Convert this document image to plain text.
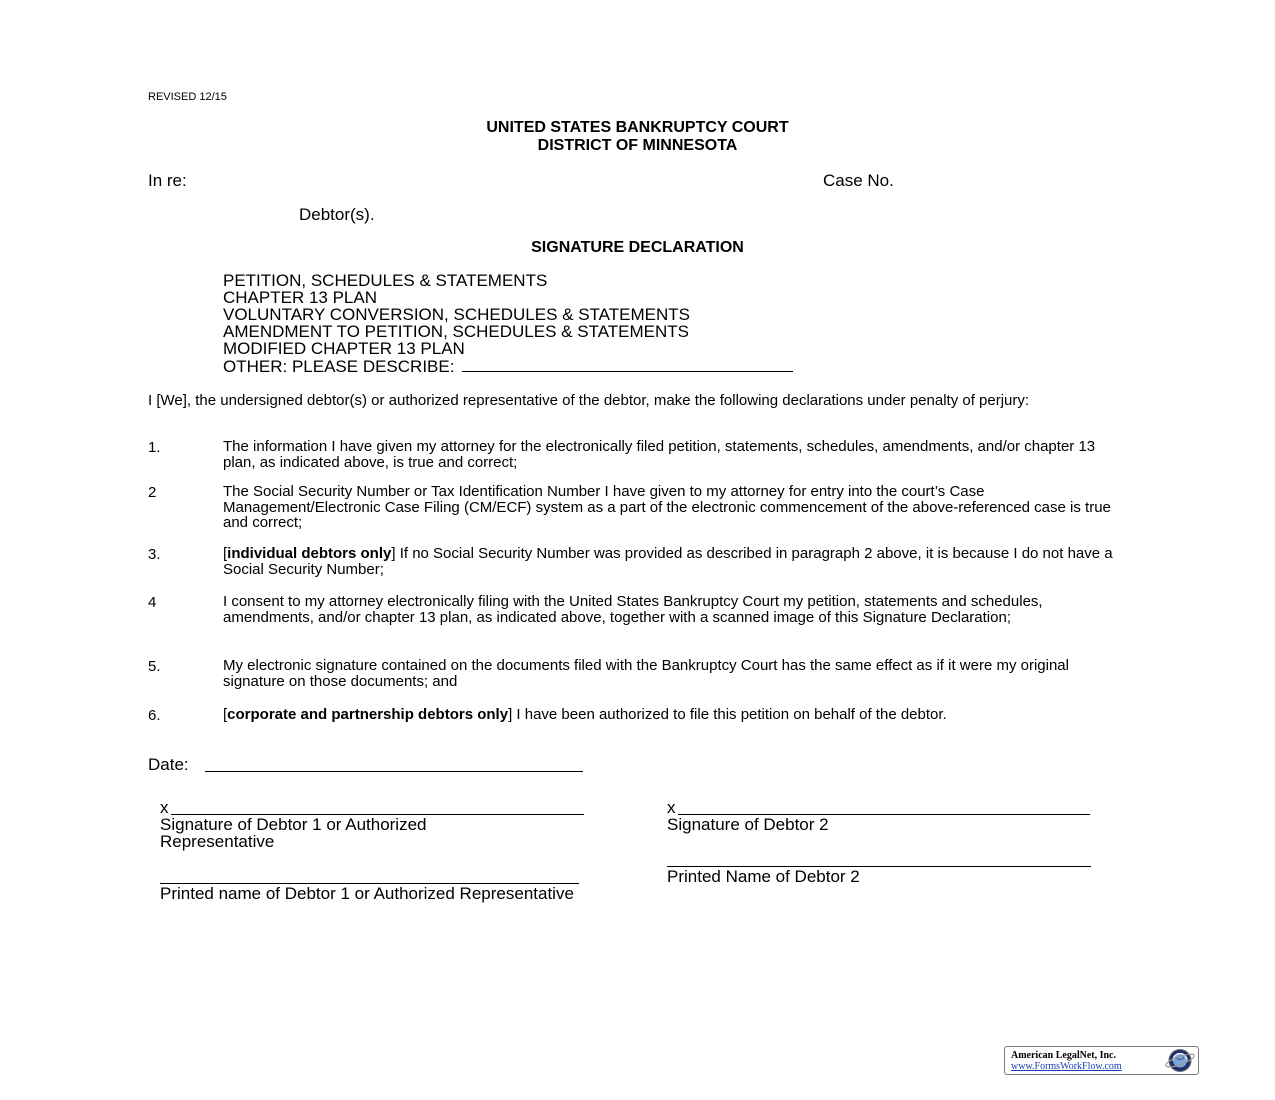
REVISED 12/15
UNITED STATES BANKRUPTCY COURT
DISTRICT OF MINNESOTA
In re:	Case No.
Debtor(s).
SIGNATURE DECLARATION
PETITION, SCHEDULES & STATEMENTS
CHAPTER 13 PLAN
VOLUNTARY CONVERSION, SCHEDULES & STATEMENTS
AMENDMENT TO PETITION, SCHEDULES & STATEMENTS
MODIFIED CHAPTER 13 PLAN
OTHER: PLEASE DESCRIBE:
I [We], the undersigned debtor(s) or authorized representative of the debtor, make the following declarations under penalty of perjury:
1.	The information I have given my attorney for the electronically filed petition, statements, schedules, amendments, and/or chapter 13 plan, as indicated above, is true and correct;
2	The Social Security Number or Tax Identification Number I have given to my attorney for entry into the court’s Case Management/Electronic Case Filing (CM/ECF) system as a part of the electronic commencement of the above-referenced case is true and correct;
3.	[individual debtors only] If no Social Security Number was provided as described in paragraph 2 above, it is because I do not have a Social Security Number;
4	I consent to my attorney electronically filing with the United States Bankruptcy Court my petition, statements and schedules, amendments, and/or chapter 13 plan, as indicated above, together with a scanned image of this Signature Declaration;
5.	My electronic signature contained on the documents filed with the Bankruptcy Court has the same effect as if it were my original signature on those documents; and
6.	[corporate and partnership debtors only] I have been authorized to file this petition on behalf of the debtor.
Date:
x
Signature of Debtor 1 or Authorized Representative
Printed name of Debtor 1 or Authorized Representative
x
Signature of Debtor 2
Printed Name of Debtor 2
American LegalNet, Inc.
www.FormsWorkFlow.com
